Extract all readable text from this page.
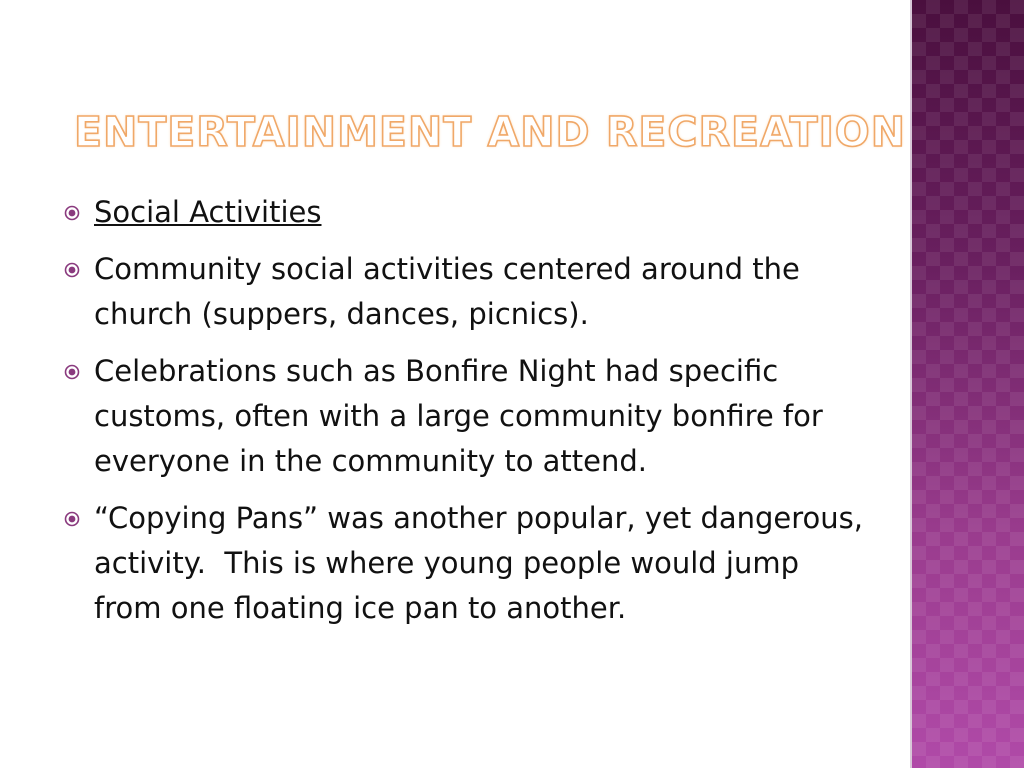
ENTERTAINMENT AND RECREATION
Social Activities
Community social activities centered around the church (suppers, dances, picnics).
Celebrations such as Bonfire Night had specific customs, often with a large community bonfire for everyone in the community to attend.
“Copying Pans” was another popular, yet dangerous, activity.  This is where young people would jump from one floating ice pan to another.
